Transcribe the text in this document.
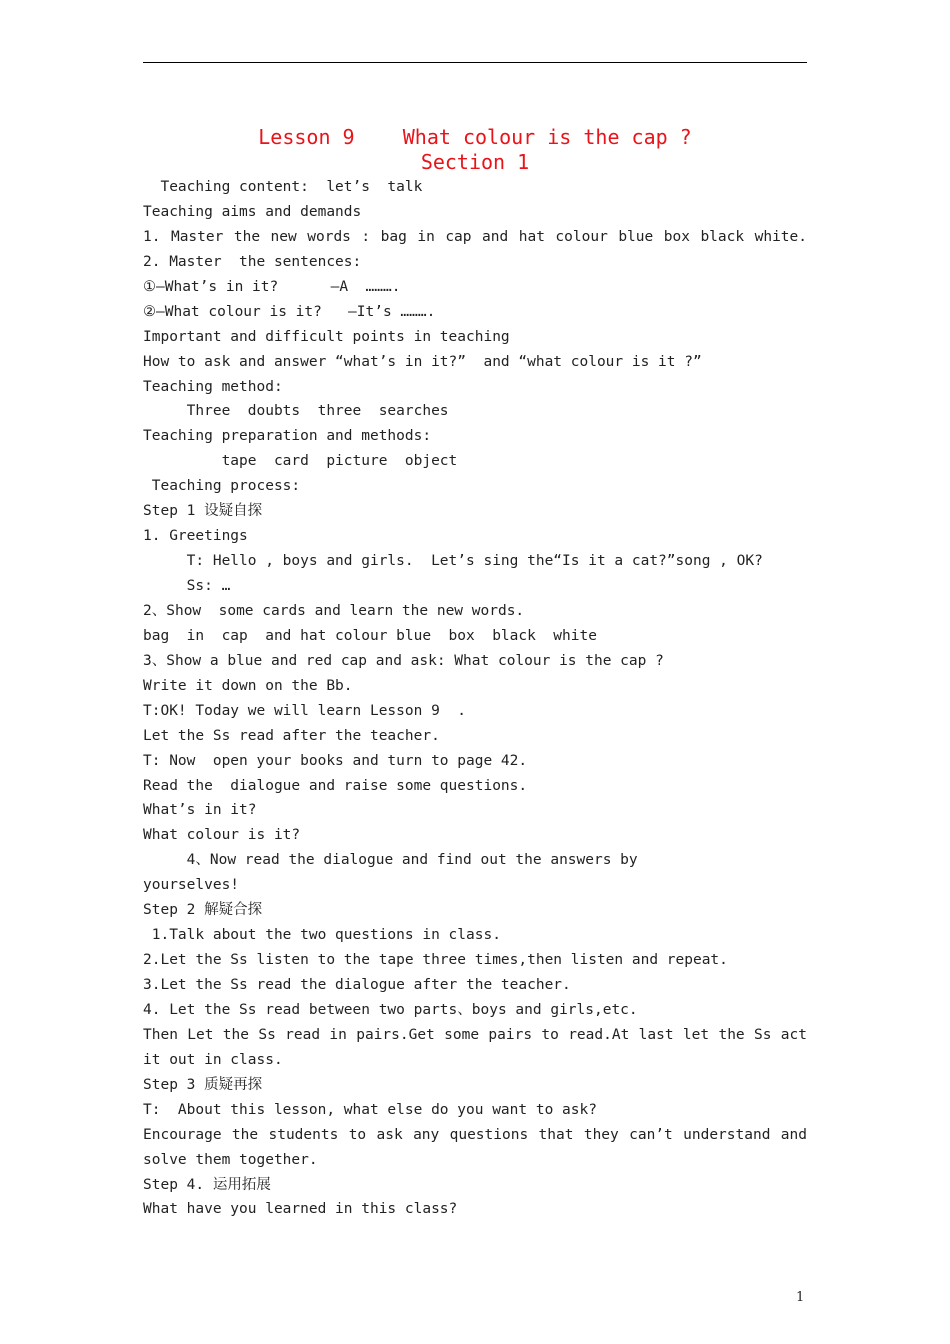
Lesson 9    What colour is the cap ?
Section 1
Teaching content:  let’s  talk
Teaching aims and demands
1. Master the new words : bag in cap and hat colour blue box black white.
2. Master  the sentences:
①—What’s in it?      —A  ……….
②—What colour is it?   —It’s ……….
Important and difficult points in teaching
How to ask and answer “what’s in it?”  and “what colour is it ?”
Teaching method:
Three  doubts  three  searches
Teaching preparation and methods:
tape  card  picture  object
Teaching process:
Step 1 设疑自探
1. Greetings
T: Hello , boys and girls.  Let’s sing the“Is it a cat?”song , OK?
Ss: …
2、Show  some cards and learn the new words.
bag  in  cap  and hat colour blue  box  black  white
3、Show a blue and red cap and ask: What colour is the cap ?
Write it down on the Bb.
T:OK! Today we will learn Lesson 9  .
Let the Ss read after the teacher.
T: Now  open your books and turn to page 42.
Read the  dialogue and raise some questions.
What’s in it?
What colour is it?
4、Now read the dialogue and find out the answers by
yourselves!
Step 2 解疑合探
1.Talk about the two questions in class.
2.Let the Ss listen to the tape three times,then listen and repeat.
3.Let the Ss read the dialogue after the teacher.
4. Let the Ss read between two parts、boys and girls,etc.
Then Let the Ss read in pairs.Get some pairs to read.At last let the Ss act
it out in class.
Step 3 质疑再探
T:  About this lesson, what else do you want to ask?
Encourage the students to ask any questions that they can’t understand and
solve them together.
Step 4. 运用拓展
What have you learned in this class?
1
